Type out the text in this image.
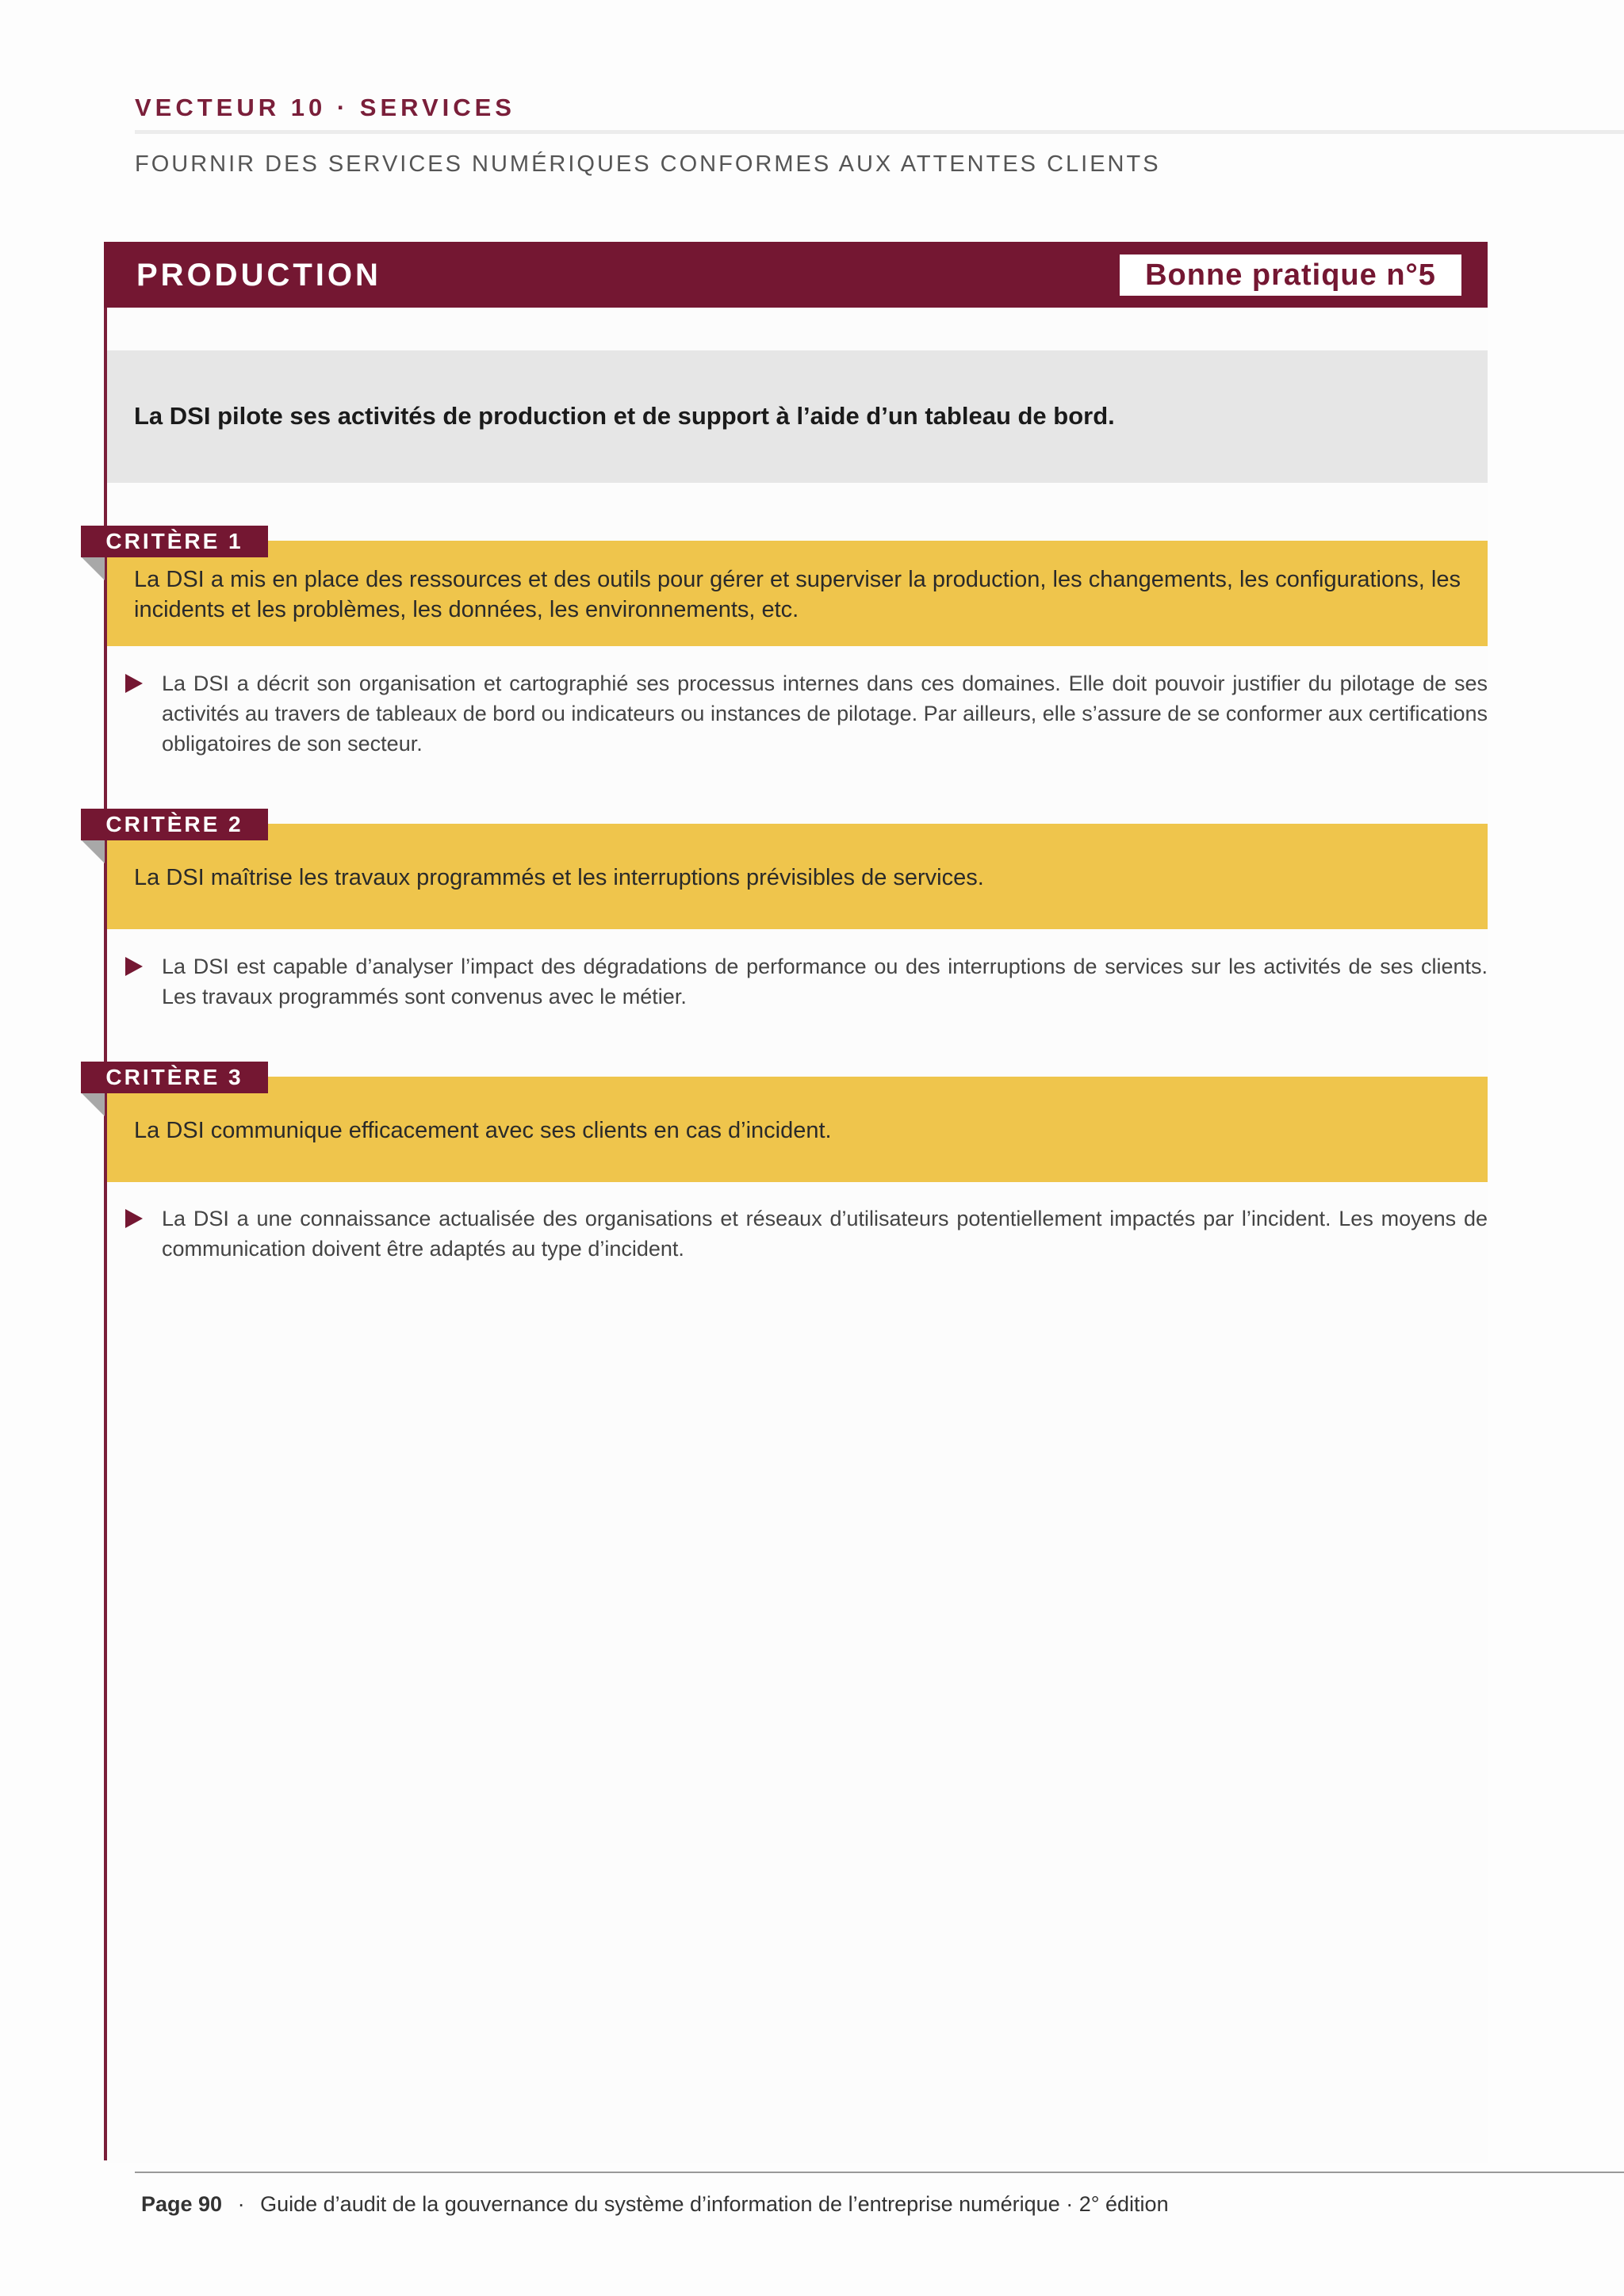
VECTEUR 10 · SERVICES
FOURNIR DES SERVICES NUMÉRIQUES CONFORMES AUX ATTENTES CLIENTS
PRODUCTION	Bonne pratique n°5
La DSI pilote ses activités de production et de support à l’aide d’un tableau de bord.
La DSI a mis en place des ressources et des outils pour gérer et superviser la production, les changements, les configurations, les incidents et les problèmes, les données, les environnements, etc.
CRITÈRE 1
La DSI a décrit son organisation et cartographié ses processus internes dans ces domaines. Elle doit pouvoir justifier du pilotage de ses activités au travers de tableaux de bord ou indicateurs ou instances de pilotage. Par ailleurs, elle s’assure de se conformer aux certifications obligatoires de son secteur.
La DSI maîtrise les travaux programmés et les interruptions prévisibles de services.
CRITÈRE 2
La DSI est capable d’analyser l’impact des dégradations de performance ou des interruptions de services sur les activités de ses clients. Les travaux programmés sont convenus avec le métier.
La DSI communique efficacement avec ses clients en cas d’incident.
CRITÈRE 3
La DSI a une connaissance actualisée des organisations et réseaux d’utilisateurs potentiellement impactés par l’incident. Les moyens de communication doivent être adaptés au type d’incident.
Page 90 · Guide d’audit de la gouvernance du système d’information de l’entreprise numérique · 2° édition
